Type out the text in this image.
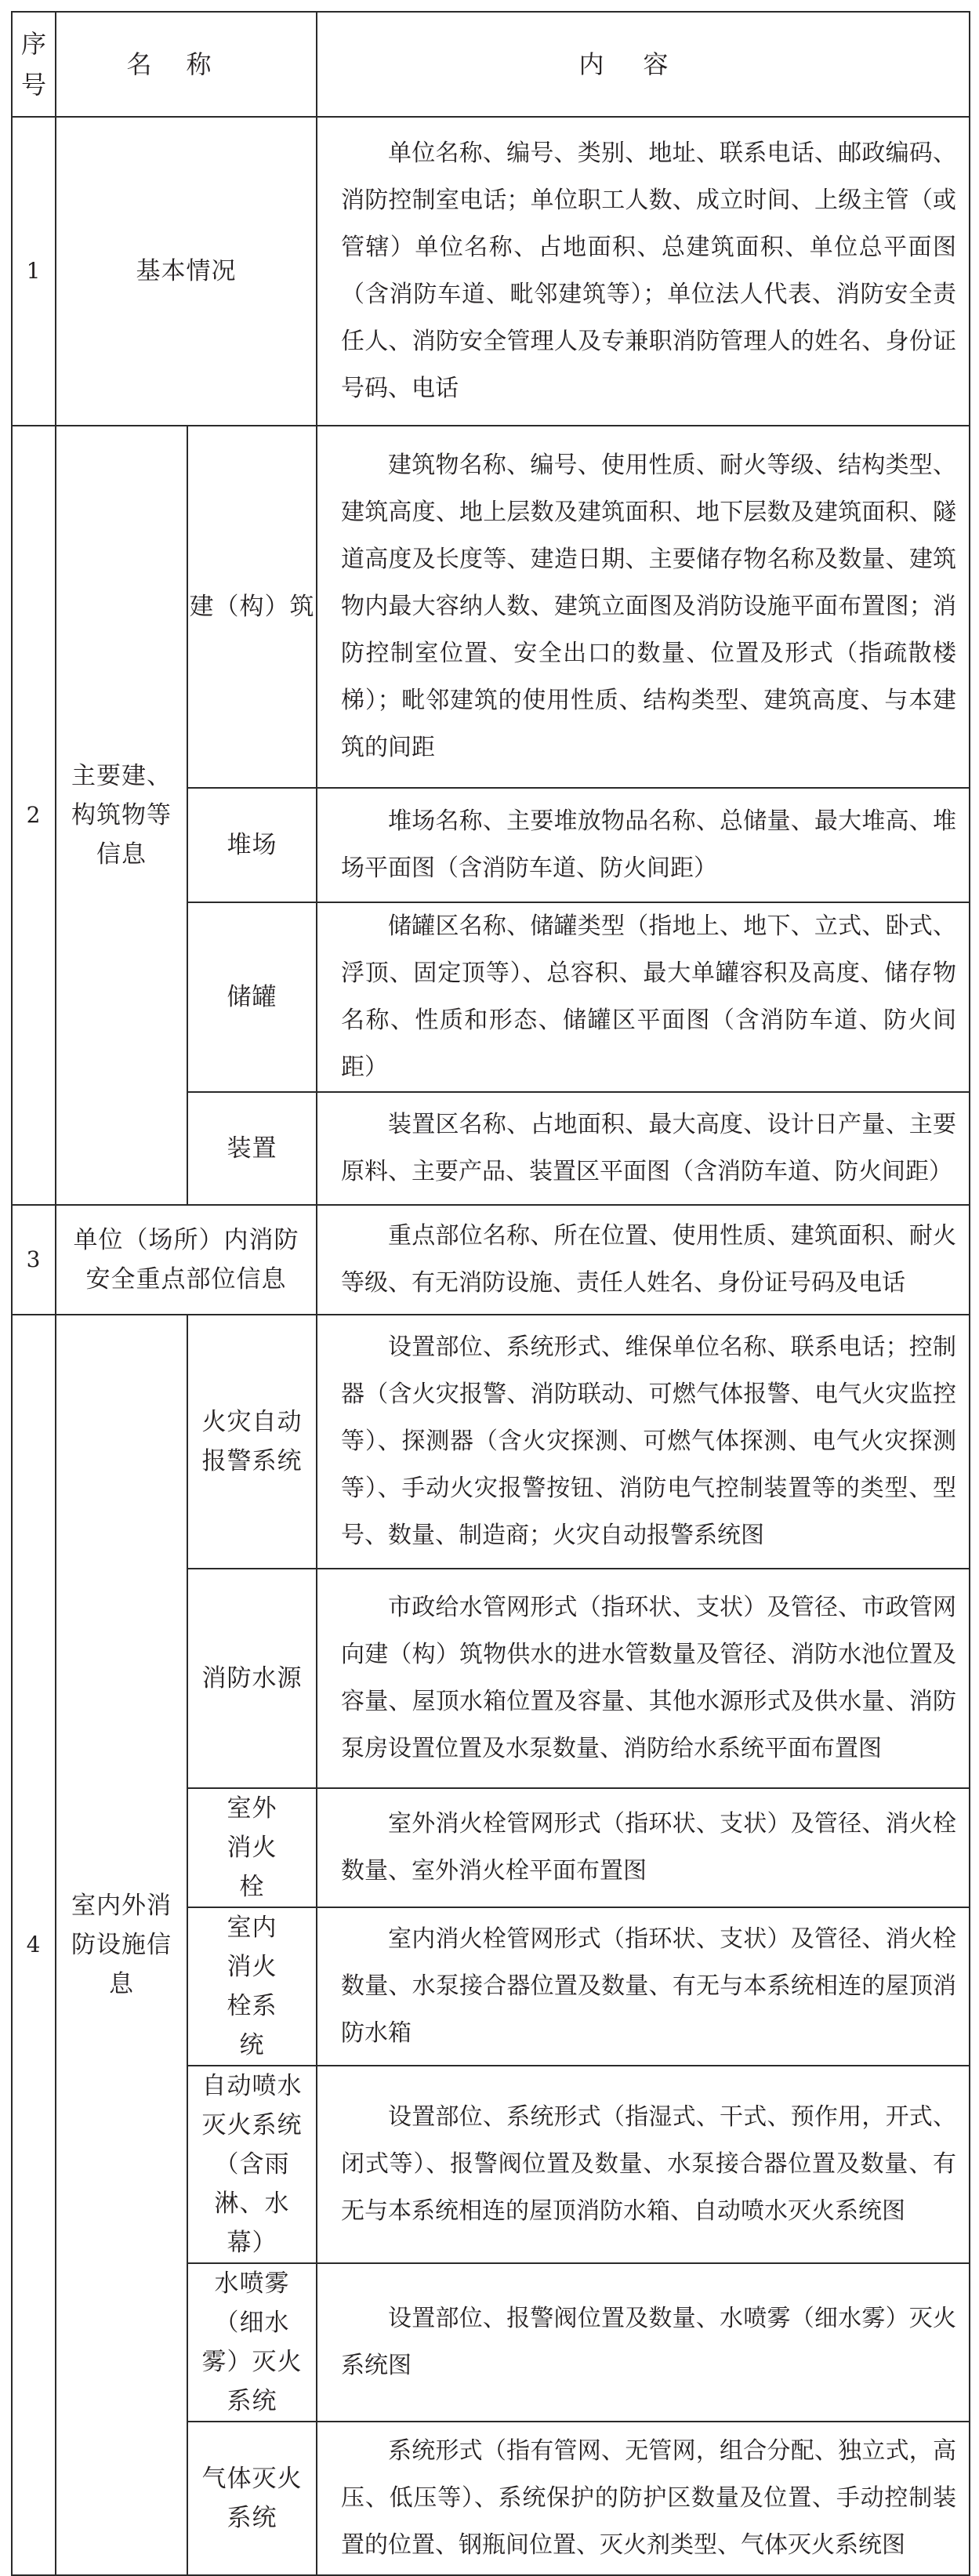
序号	名称		内容
1	基本情况		单位名称、编号、类别、地址、联系电话、邮政编码、消防控制室电话；单位职工人数、成立时间、上级主管（或管辖）单位名称、占地面积、总建筑面积、单位总平面图（含消防车道、毗邻建筑等）；单位法人代表、消防安全责任人、消防安全管理人及专兼职消防管理人的姓名、身份证号码、电话
2	主要建、构筑物等信息	建（构）筑	建筑物名称、编号、使用性质、耐火等级、结构类型、建筑高度、地上层数及建筑面积、地下层数及建筑面积、隧道高度及长度等、建造日期、主要储存物名称及数量、建筑物内最大容纳人数、建筑立面图及消防设施平面布置图；消防控制室位置、安全出口的数量、位置及形式（指疏散楼梯）；毗邻建筑的使用性质、结构类型、建筑高度、与本建筑的间距
		堆场	堆场名称、主要堆放物品名称、总储量、最大堆高、堆场平面图（含消防车道、防火间距）
		储罐	储罐区名称、储罐类型（指地上、地下、立式、卧式、浮顶、固定顶等）、总容积、最大单罐容积及高度、储存物名称、性质和形态、储罐区平面图（含消防车道、防火间距）
		装置	装置区名称、占地面积、最大高度、设计日产量、主要原料、主要产品、装置区平面图（含消防车道、防火间距）
3	单位（场所）内消防安全重点部位信息		重点部位名称、所在位置、使用性质、建筑面积、耐火等级、有无消防设施、责任人姓名、身份证号码及电话
4	室内外消防设施信息	火灾自动报警系统	设置部位、系统形式、维保单位名称、联系电话；控制器（含火灾报警、消防联动、可燃气体报警、电气火灾监控等）、探测器（含火灾探测、可燃气体探测、电气火灾探测等）、手动火灾报警按钮、消防电气控制装置等的类型、型号、数量、制造商；火灾自动报警系统图
		消防水源	市政给水管网形式（指环状、支状）及管径、市政管网向建（构）筑物供水的进水管数量及管径、消防水池位置及容量、屋顶水箱位置及容量、其他水源形式及供水量、消防泵房设置位置及水泵数量、消防给水系统平面布置图
		室外消火栓	室外消火栓管网形式（指环状、支状）及管径、消火栓数量、室外消火栓平面布置图
		室内消火栓系统	室内消火栓管网形式（指环状、支状）及管径、消火栓数量、水泵接合器位置及数量、有无与本系统相连的屋顶消防水箱
		自动喷水灭火系统（含雨淋、水幕）	设置部位、系统形式（指湿式、干式、预作用，开式、闭式等）、报警阀位置及数量、水泵接合器位置及数量、有无与本系统相连的屋顶消防水箱、自动喷水灭火系统图
		水喷雾（细水雾）灭火系统	设置部位、报警阀位置及数量、水喷雾（细水雾）灭火系统图
		气体灭火系统	系统形式（指有管网、无管网，组合分配、独立式，高压、低压等）、系统保护的防护区数量及位置、手动控制装置的位置、钢瓶间位置、灭火剂类型、气体灭火系统图
